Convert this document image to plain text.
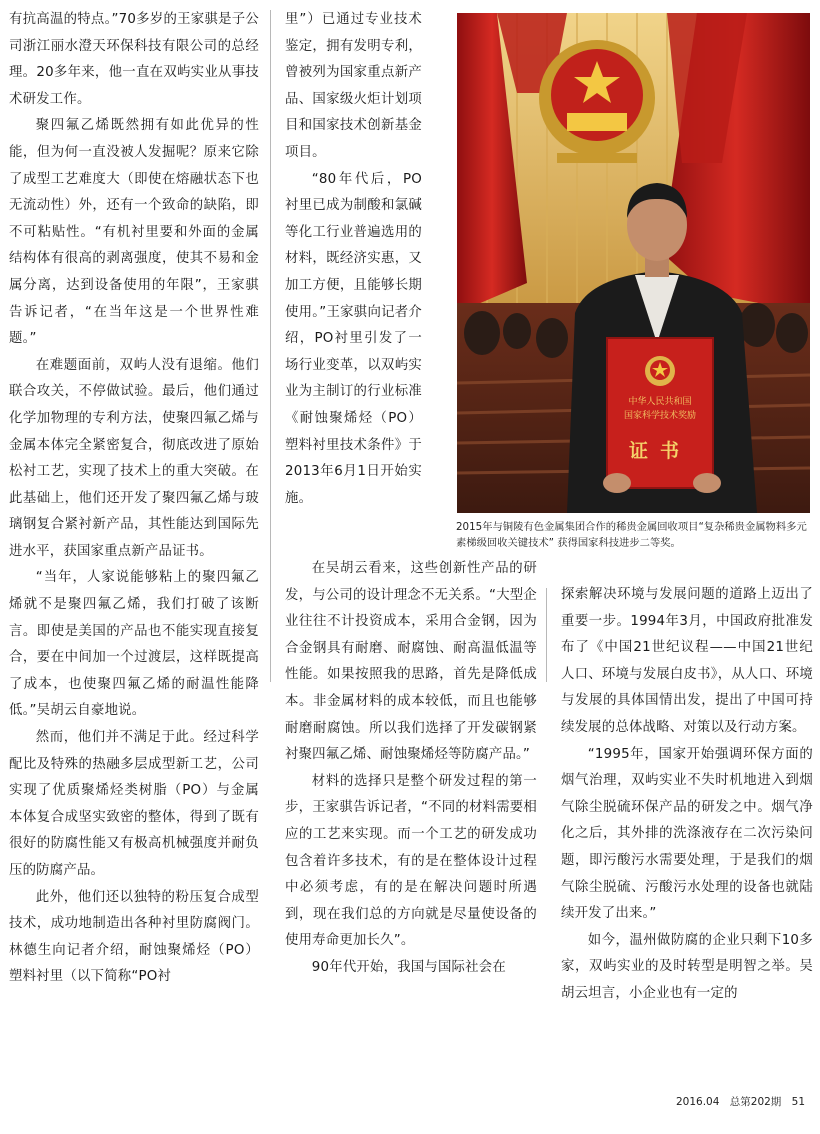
有抗高温的特点。”70多岁的王家骐是子公司浙江丽水澄天环保科技有限公司的总经理。20多年来，他一直在双屿实业从事技术研发工作。

聚四氟乙烯既然拥有如此优异的性能，但为何一直没被人发掘呢？原来它除了成型工艺难度大（即使在熔融状态下也无流动性）外，还有一个致命的缺陷，即不可粘贴性。“有机衬里要和外面的金属结构体有很高的剥离强度，使其不易和金属分离，达到设备使用的年限”，王家骐告诉记者，“在当年这是一个世界性难题。”

在难题面前，双屿人没有退缩。他们联合攻关，不停做试验。最后，他们通过化学加物理的专利方法，使聚四氟乙烯与金属本体完全紧密复合，彻底改进了原始松衬工艺，实现了技术上的重大突破。在此基础上，他们还开发了聚四氟乙烯与玻璃钢复合紧衬新产品，其性能达到国际先进水平，获国家重点新产品证书。

“当年，人家说能够粘上的聚四氟乙烯就不是聚四氟乙烯，我们打破了该断言。即使是美国的产品也不能实现直接复合，要在中间加一个过渡层，这样既提高了成本，也使聚四氟乙烯的耐温性能降低。”吴胡云自豪地说。

然而，他们并不满足于此。经过科学配比及特殊的热融多层成型新工艺，公司实现了优质聚烯烃类树脂（PO）与金属本体复合成坚实致密的整体，得到了既有很好的防腐性能又有极高机械强度并耐负压的防腐产品。

此外，他们还以独特的粉压复合成型技术，成功地制造出各种衬里防腐阀门。林德生向记者介绍，耐蚀聚烯烃（PO）塑料衬里（以下简称“PO衬

里”）已通过专业技术鉴定，拥有发明专利，曾被列为国家重点新产品、国家级火炬计划项目和国家技术创新基金项目。

“80年代后，PO衬里已成为制酸和氯碱等化工行业普遍选用的材料，既经济实惠，又加工方便，且能够长期使用。”王家骐向记者介绍，PO衬里引发了一场行业变革，以双屿实业为主制订的行业标准《耐蚀聚烯烃（PO）塑料衬里技术条件》于2013年6月1日开始实施。

在吴胡云看来，这些创新性产品的研发，与公司的设计理念不无关系。“大型企业往往不计投资成本，采用合金钢，因为合金钢具有耐磨、耐腐蚀、耐高温低温等性能。如果按照我的思路，首先是降低成本。非金属材料的成本较低，而且也能够耐磨耐腐蚀。所以我们选择了开发碳钢紧衬聚四氟乙烯、耐蚀聚烯烃等防腐产品。”

材料的选择只是整个研发过程的第一步，王家骐告诉记者，“不同的材料需要相应的工艺来实现。而一个工艺的研发成功包含着许多技术，有的是在整体设计过程中必须考虑，有的是在解决问题时所遇到，现在我们总的方向就是尽量使设备的使用寿命更加长久”。

90年代开始，我国与国际社会在

探索解决环境与发展问题的道路上迈出了重要一步。1994年3月，中国政府批准发布了《中国21世纪议程——中国21世纪人口、环境与发展白皮书》，从人口、环境与发展的具体国情出发，提出了中国可持续发展的总体战略、对策以及行动方案。

“1995年，国家开始强调环保方面的烟气治理，双屿实业不失时机地进入到烟气除尘脱硫环保产品的研发之中。烟气净化之后，其外排的洗涤液存在二次污染问题，即污酸污水需要处理，于是我们的烟气除尘脱硫、污酸污水处理的设备也就陆续开发了出来。”

如今，温州做防腐的企业只剩下10多家，双屿实业的及时转型是明智之举。吴胡云坦言，小企业也有一定的

中华人民共和国
国家科学技术奖励
证书
2015年与铜陵有色金属集团合作的稀贵金属回收项目“复杂稀贵金属物料多元素梯级回收关键技术” 获得国家科技进步二等奖。
2016.04 总第202期 51
